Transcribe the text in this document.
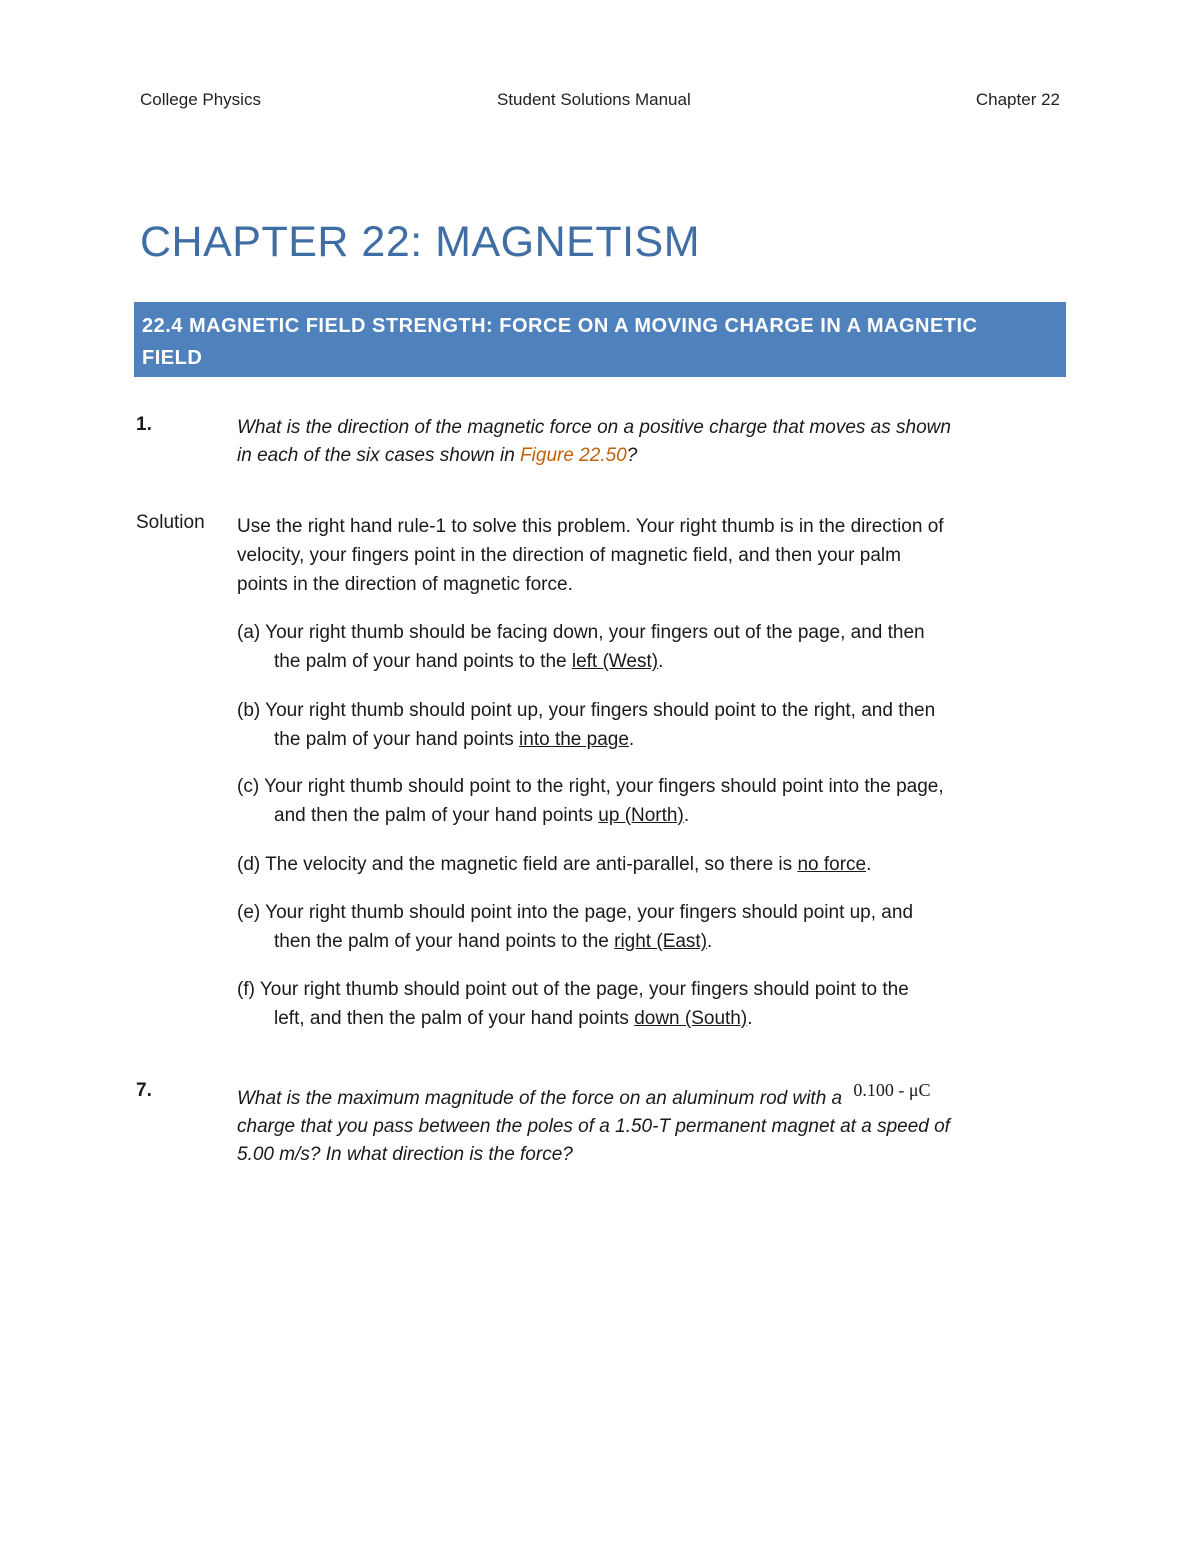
College Physics	Student Solutions Manual	Chapter 22
CHAPTER 22: MAGNETISM
22.4 MAGNETIC FIELD STRENGTH: FORCE ON A MOVING CHARGE IN A MAGNETIC
FIELD
1.	What is the direction of the magnetic force on a positive charge that moves as shown
in each of the six cases shown in Figure 22.50?
Solution Use the right hand rule-1 to solve this problem. Your right thumb is in the direction of
velocity, your fingers point in the direction of magnetic field, and then your palm
points in the direction of magnetic force.
(a) Your right thumb should be facing down, your fingers out of the page, and then
the palm of your hand points to the left (West).
(b) Your right thumb should point up, your fingers should point to the right, and then
the palm of your hand points into the page.
(c) Your right thumb should point to the right, your fingers should point into the page,
and then the palm of your hand points up (North).
(d) The velocity and the magnetic field are anti-parallel, so there is no force.
(e) Your right thumb should point into the page, your fingers should point up, and
then the palm of your hand points to the right (East).
(f) Your right thumb should point out of the page, your fingers should point to the
left, and then the palm of your hand points down (South).
7.	What is the maximum magnitude of the force on an aluminum rod with a 0.100 - μC
charge that you pass between the poles of a 1.50-T permanent magnet at a speed of
5.00 m/s? In what direction is the force?
